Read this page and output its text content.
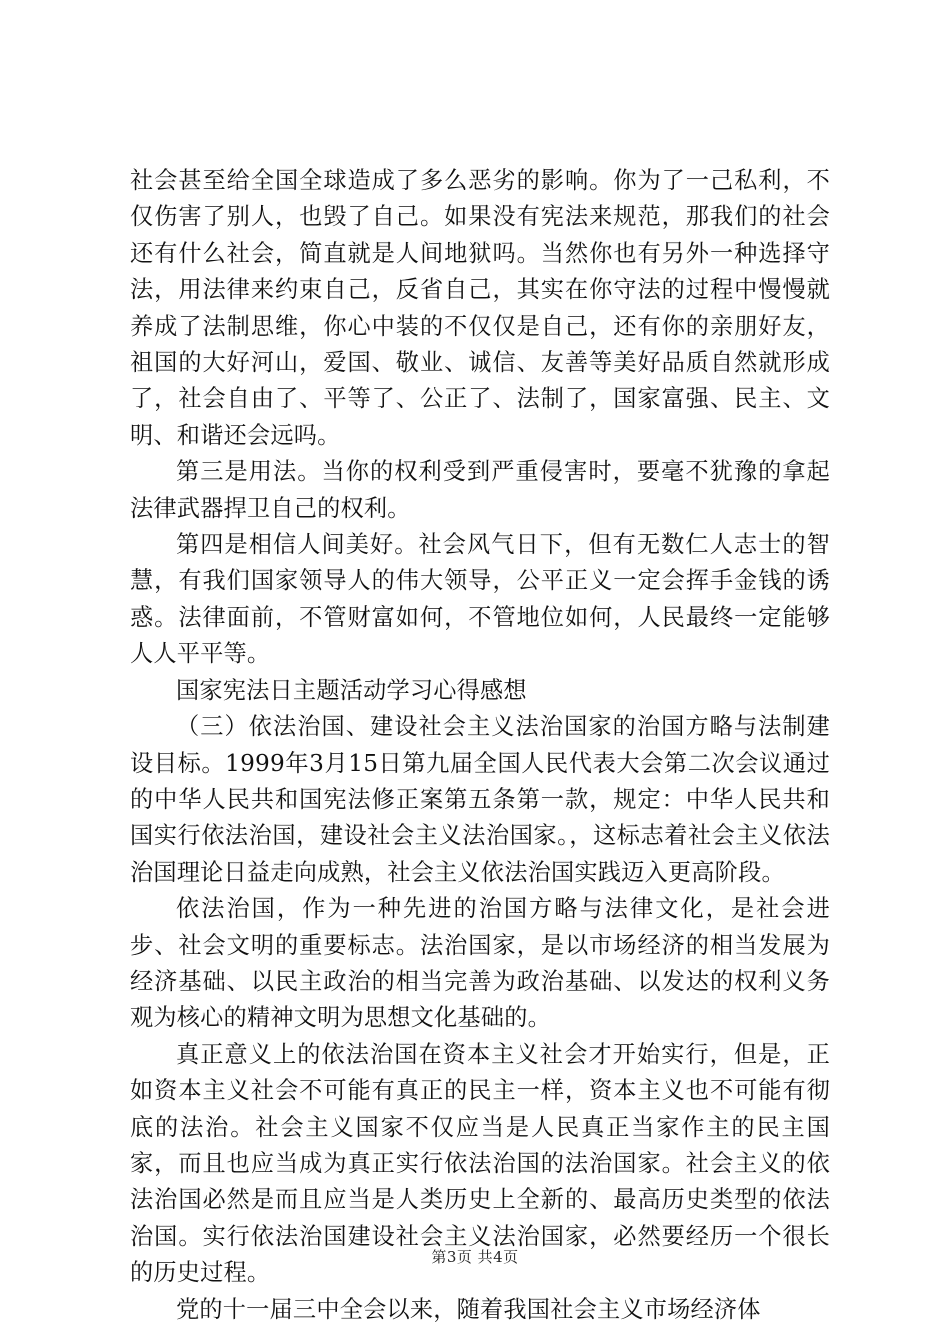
社会甚至给全国全球造成了多么恶劣的影响。你为了一己私利，不仅伤害了别人，也毁了自己。如果没有宪法来规范，那我们的社会还有什么社会，简直就是人间地狱吗。当然你也有另外一种选择守法，用法律来约束自己，反省自己，其实在你守法的过程中慢慢就养成了法制思维，你心中装的不仅仅是自己，还有你的亲朋好友，祖国的大好河山，爱国、敬业、诚信、友善等美好品质自然就形成了，社会自由了、平等了、公正了、法制了，国家富强、民主、文明、和谐还会远吗。

第三是用法。当你的权利受到严重侵害时，要毫不犹豫的拿起法律武器捍卫自己的权利。

第四是相信人间美好。社会风气日下，但有无数仁人志士的智慧，有我们国家领导人的伟大领导，公平正义一定会挥手金钱的诱惑。法律面前，不管财富如何，不管地位如何，人民最终一定能够人人平平等。

国家宪法日主题活动学习心得感想

（三）依法治国、建设社会主义法治国家的治国方略与法制建设目标。1999年3月15日第九届全国人民代表大会第二次会议通过的中华人民共和国宪法修正案第五条第一款，规定：中华人民共和国实行依法治国，建设社会主义法治国家。，这标志着社会主义依法治国理论日益走向成熟，社会主义依法治国实践迈入更高阶段。

依法治国，作为一种先进的治国方略与法律文化，是社会进步、社会文明的重要标志。法治国家，是以市场经济的相当发展为经济基础、以民主政治的相当完善为政治基础、以发达的权利义务观为核心的精神文明为思想文化基础的。

真正意义上的依法治国在资本主义社会才开始实行，但是，正如资本主义社会不可能有真正的民主一样，资本主义也不可能有彻底的法治。社会主义国家不仅应当是人民真正当家作主的民主国家，而且也应当成为真正实行依法治国的法治国家。社会主义的依法治国必然是而且应当是人类历史上全新的、最高历史类型的依法治国。实行依法治国建设社会主义法治国家，必然要经历一个很长的历史过程。

党的十一届三中全会以来，随着我国社会主义市场经济体

第3页 共4页
